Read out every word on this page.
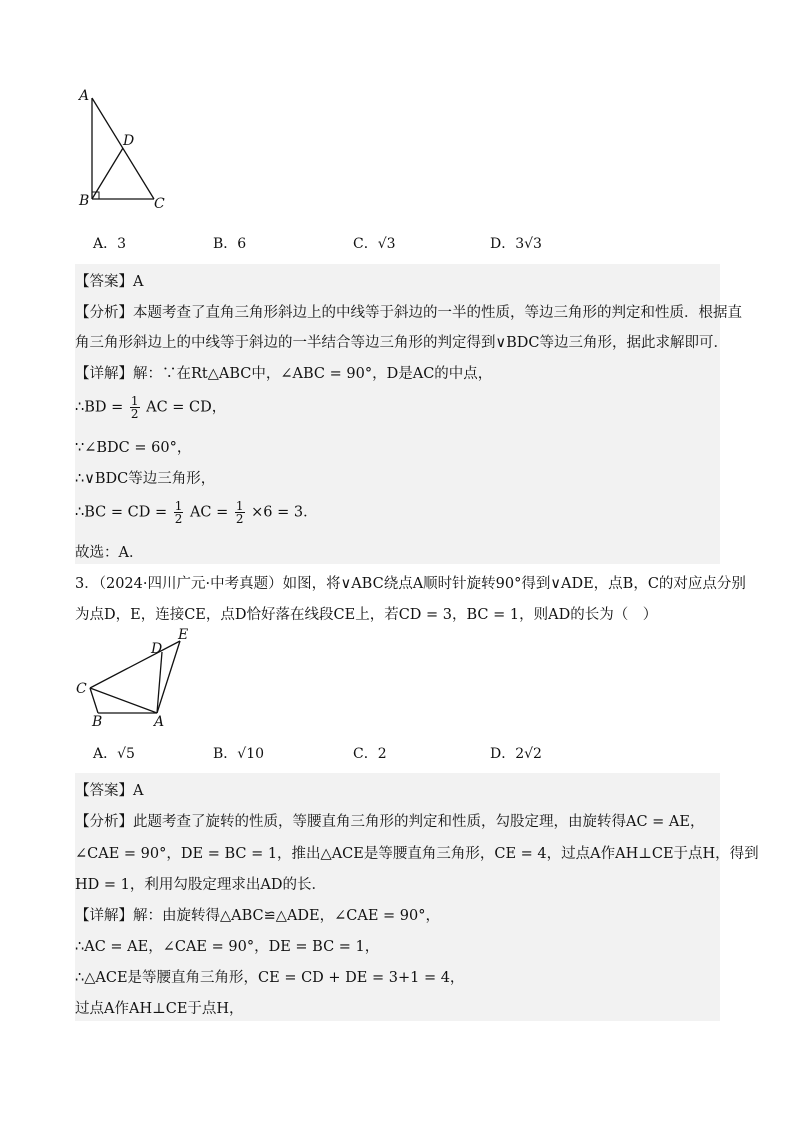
A
B	C
D
A．3	B．6	C．√3	D．3√3
【答案】A
【分析】本题考查了直角三角形斜边上的中线等于斜边的一半的性质，等边三角形的判定和性质．根据直
角三角形斜边上的中线等于斜边的一半结合等边三角形的判定得到∨BDC等边三角形，据此求解即可．
【详解】解：∵在Rt△ABC中，∠ABC = 90°，D是AC的中点，
∴BD = $\frac{1}{2}$ AC = CD，
∵∠BDC = 60°，
∴∨BDC等边三角形，
∴BC = CD = $\frac{1}{2}$ AC = $\frac{1}{2} \times 6 = 3$．
故选：A．
3．（2024·四川广元·中考真题）如图，将∨ABC绕点A顺时针旋转90°得到∨ADE，点B，C的对应点分别
为点D，E，连接CE，点D恰好落在线段CE上，若CD = 3，BC = 1，则AD的长为（　）
C
B	A
D
E
A．√5	B．√10	C．2	D．2√2
【答案】A
【分析】此题考查了旋转的性质，等腰直角三角形的判定和性质，勾股定理，由旋转得AC = AE，
∠CAE = 90°，DE = BC = 1，推出△ACE是等腰直角三角形，CE = 4，过点A作AH⊥CE于点H，得到
HD = 1，利用勾股定理求出AD的长．
【详解】解：由旋转得△ABC≌△ADE，∠CAE = 90°，
∴AC = AE，∠CAE = 90°，DE = BC = 1，
∴△ACE是等腰直角三角形，CE = CD + DE = 3+1 = 4，
过点A作AH⊥CE于点H，
